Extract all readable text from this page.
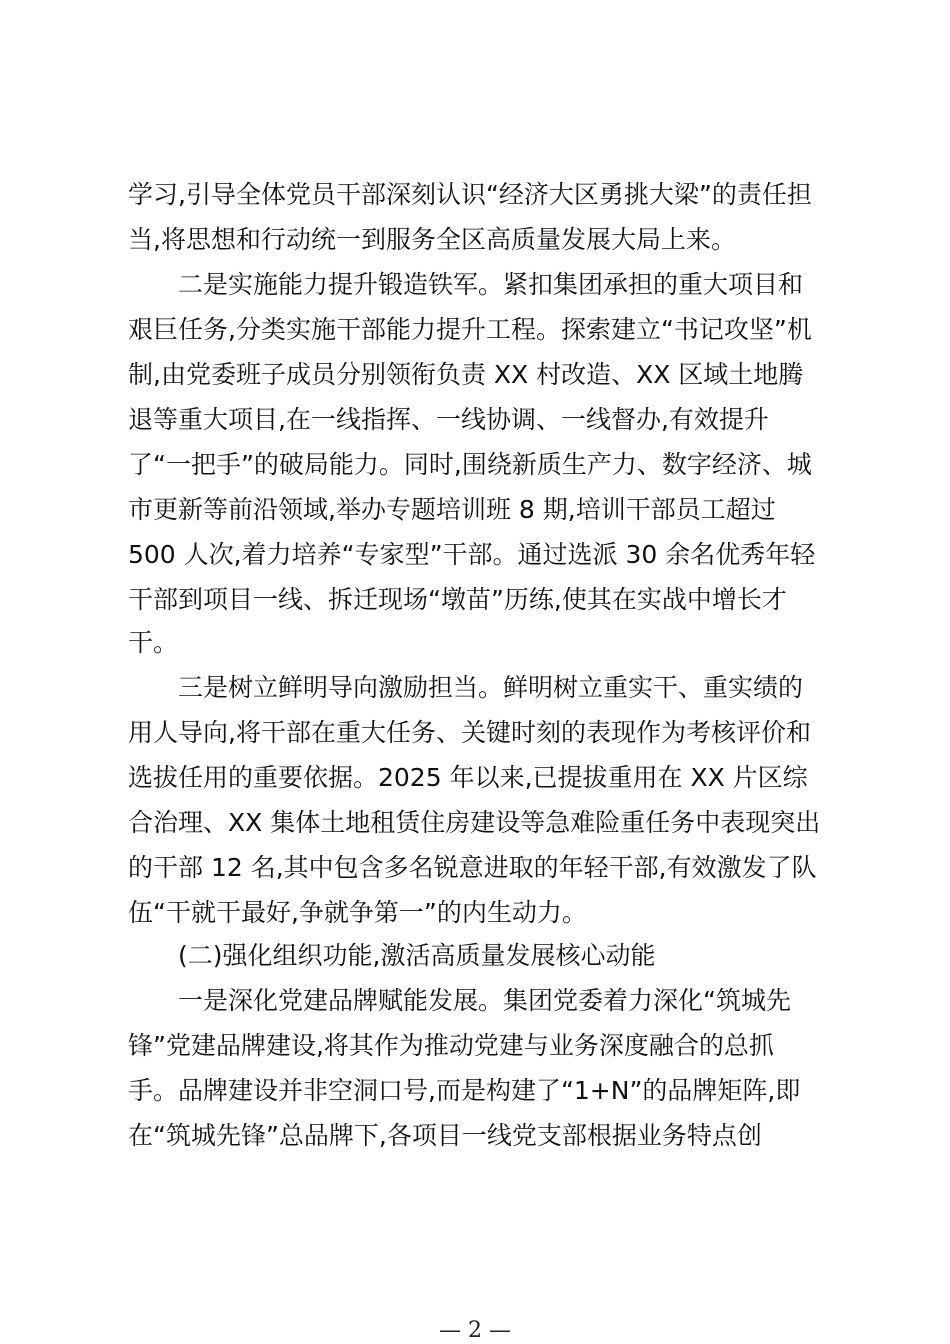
学习,引导全体党员干部深刻认识“经济大区勇挑大梁”的责任担

当,将思想和行动统一到服务全区高质量发展大局上来。

二是实施能力提升锻造铁军。紧扣集团承担的重大项目和

艰巨任务,分类实施干部能力提升工程。探索建立“书记攻坚”机

制,由党委班子成员分别领衔负责 XX 村改造、XX 区域土地腾

退等重大项目,在一线指挥、一线协调、一线督办,有效提升

了“一把手”的破局能力。同时,围绕新质生产力、数字经济、城

市更新等前沿领域,举办专题培训班 8 期,培训干部员工超过

500 人次,着力培养“专家型”干部。通过选派 30 余名优秀年轻

干部到项目一线、拆迁现场“墩苗”历练,使其在实战中增长才

干。

三是树立鲜明导向激励担当。鲜明树立重实干、重实绩的

用人导向,将干部在重大任务、关键时刻的表现作为考核评价和

选拔任用的重要依据。2025 年以来,已提拔重用在 XX 片区综

合治理、XX 集体土地租赁住房建设等急难险重任务中表现突出

的干部 12 名,其中包含多名锐意进取的年轻干部,有效激发了队

伍“干就干最好,争就争第一”的内生动力。

(二)强化组织功能,激活高质量发展核心动能

一是深化党建品牌赋能发展。集团党委着力深化“筑城先

锋”党建品牌建设,将其作为推动党建与业务深度融合的总抓

手。品牌建设并非空洞口号,而是构建了“1+N”的品牌矩阵,即

在“筑城先锋”总品牌下,各项目一线党支部根据业务特点创

— 2 —
